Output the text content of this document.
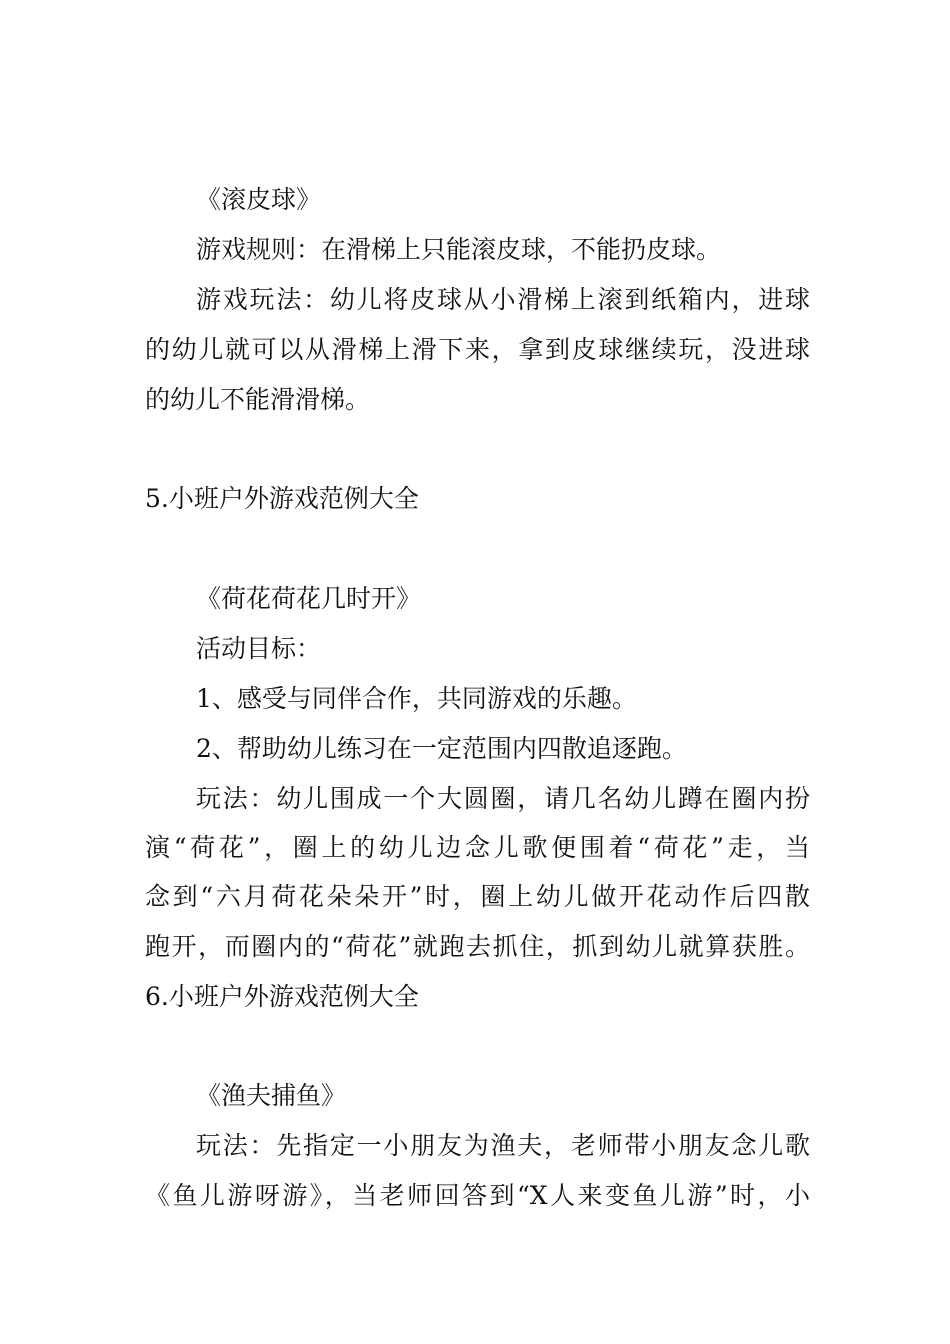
《滚皮球》
游戏规则：在滑梯上只能滚皮球，不能扔皮球。
游戏玩法：幼儿将皮球从小滑梯上滚到纸箱内，进球
的幼儿就可以从滑梯上滑下来，拿到皮球继续玩，没进球
的幼儿不能滑滑梯。
5.小班户外游戏范例大全
《荷花荷花几时开》
活动目标：
1、感受与同伴合作，共同游戏的乐趣。
2、帮助幼儿练习在一定范围内四散追逐跑。
玩法：幼儿围成一个大圆圈，请几名幼儿蹲在圈内扮
演“荷花”，圈上的幼儿边念儿歌便围着“荷花”走，当
念到“六月荷花朵朵开”时，圈上幼儿做开花动作后四散
跑开，而圈内的“荷花”就跑去抓住，抓到幼儿就算获胜。
6.小班户外游戏范例大全
《渔夫捕鱼》
玩法：先指定一小朋友为渔夫，老师带小朋友念儿歌
《鱼儿游呀游》，当老师回答到“X人来变鱼儿游”时，小
